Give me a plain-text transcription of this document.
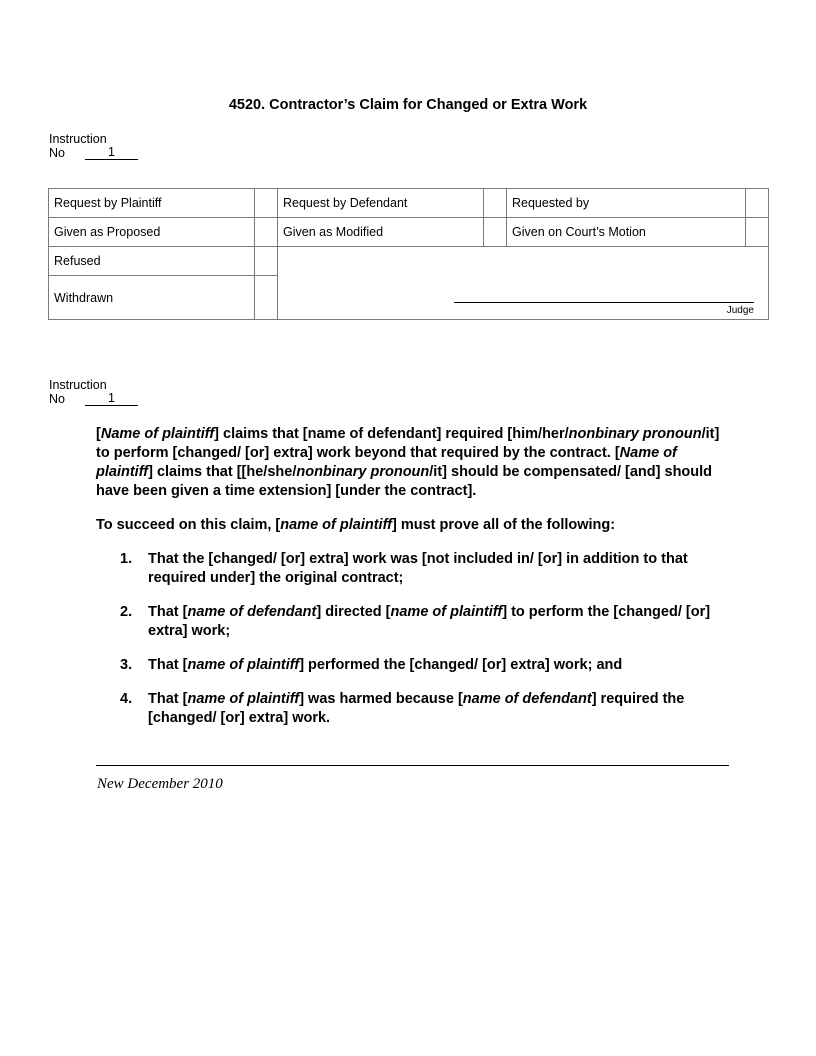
4520. Contractor’s Claim for Changed or Extra Work
Instruction
No	1
Request by Plaintiff		Request by Defendant		Requested by	
Given as Proposed		Given as Modified		Given on Court’s Motion	
Refused		Judge			

Withdrawn					
Instruction
No	1

[Name of plaintiff] claims that [name of defendant] required [him/her/nonbinary pronoun/it] to perform [changed/ [or] extra] work beyond that required by the contract. [Name of plaintiff] claims that [[he/she/nonbinary pronoun/it] should be compensated/ [and] should have been given a time extension] [under the contract].

To succeed on this claim, [name of plaintiff] must prove all of the following:

1.	That the [changed/ [or] extra] work was [not included in/ [or] in addition to that required under] the original contract;
2.	That [name of defendant] directed [name of plaintiff] to perform the [changed/ [or] extra] work;
3.	That [name of plaintiff] performed the [changed/ [or] extra] work; and
4.	That [name of plaintiff] was harmed because [name of defendant] required the [changed/ [or] extra] work.
New December 2010
